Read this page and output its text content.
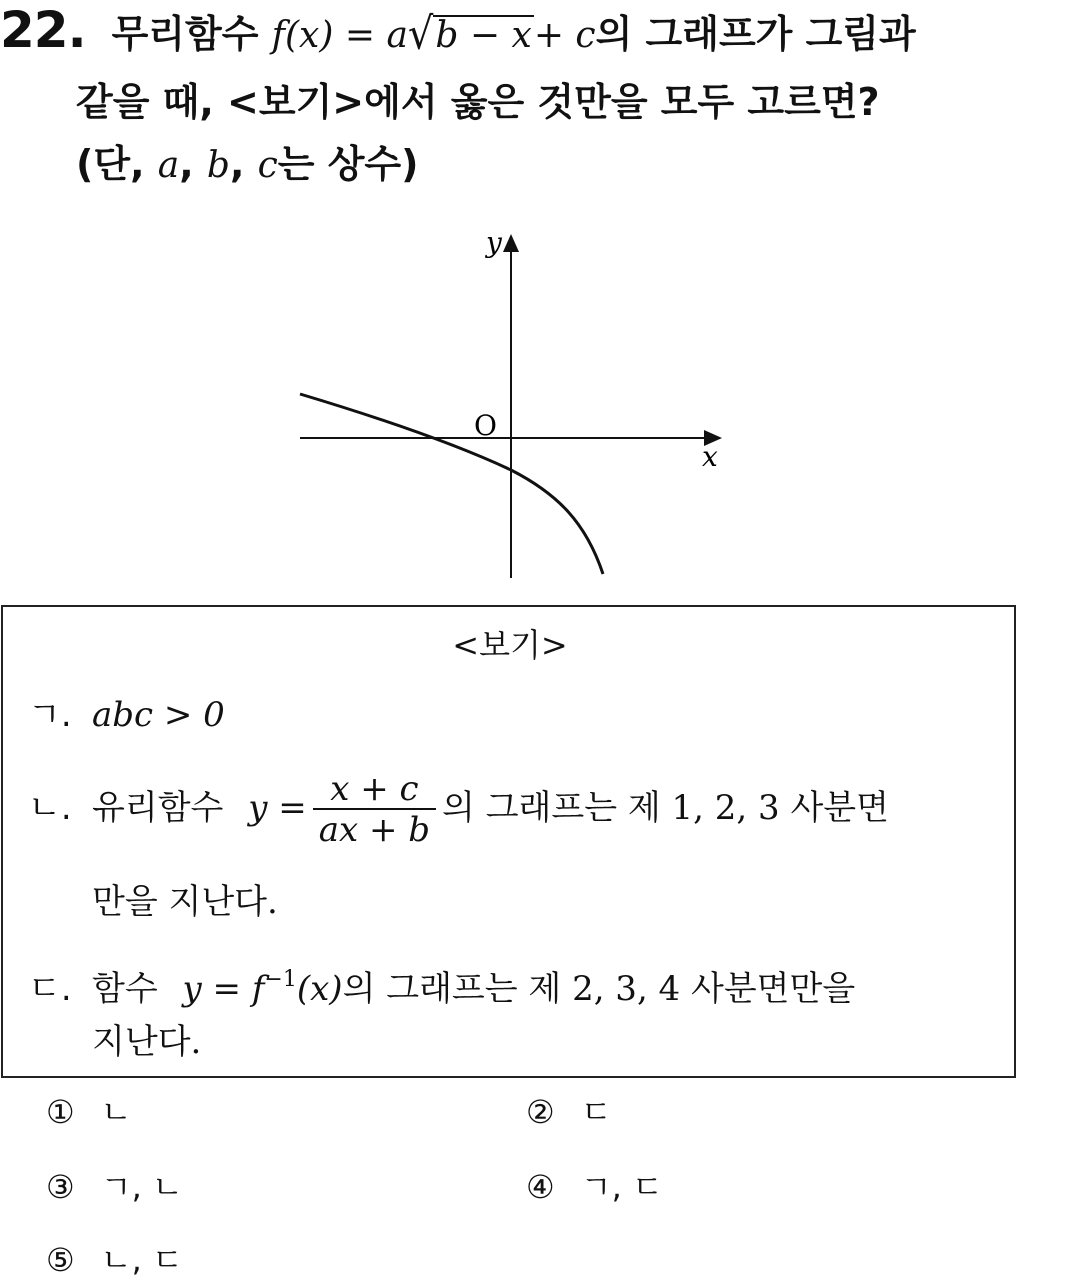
22. 무리함수 f(x) = a√b − x+ c의 그래프가 그림과
같을 때, <보기>에서 옳은 것만을 모두 고르면?
(단, a, b, c는 상수)
y
x
O
<보기>
ㄱ. abc > 0
ㄴ. 유리함수 $y = \frac{x + c}{ax + b}$ 의 그래프는 제 1, 2, 3 사분면
만을 지난다.
ㄷ. 함수 $y = f^{-1}(x)$의 그래프는 제 2, 3, 4 사분면만을
지난다.
① ㄴ	② ㄷ
③ ㄱ, ㄴ	④ ㄱ, ㄷ
⑤ ㄴ, ㄷ
